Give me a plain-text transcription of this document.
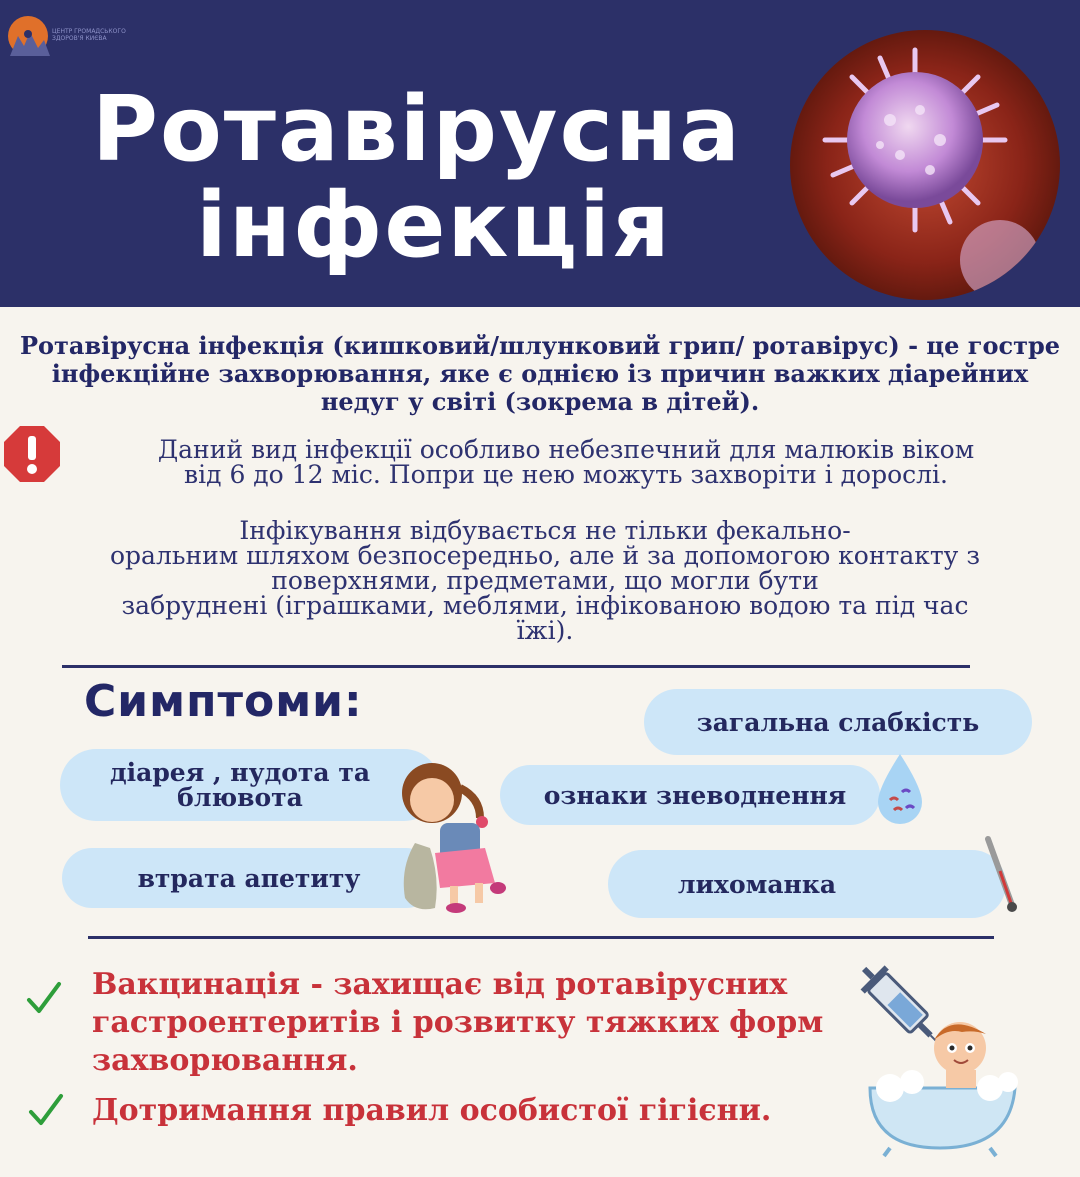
ЦЕНТР ГРОМАДСЬКОГО ЗДОРОВ'Я КИЄВА
Ротавірусна
інфекція
Ротавірусна інфекція (кишковий/шлунковий грип/ ротавірус) - це гостре інфекційне захворювання, яке є однією із причин важких діарейних недуг у світі (зокрема в дітей).
Даний вид інфекції особливо небезпечний для малюків віком
від 6 до 12 міс. Попри це нею можуть захворіти і дорослі.
Інфікування відбувається не тільки фекально-
оральним шляхом безпосередньо, але й за допомогою контакту з
поверхнями, предметами, що могли бути
забруднені (іграшками, меблями, інфікованою водою та під час
їжі).
Симптоми:	загальна слабкість
діарея , нудота та блювота	ознаки зневоднення
втрата апетиту	лихоманка
Вакцинація - захищає від ротавірусних гастроентеритів і розвитку тяжких форм захворювання.
Дотримання правил особистої гігієни.
